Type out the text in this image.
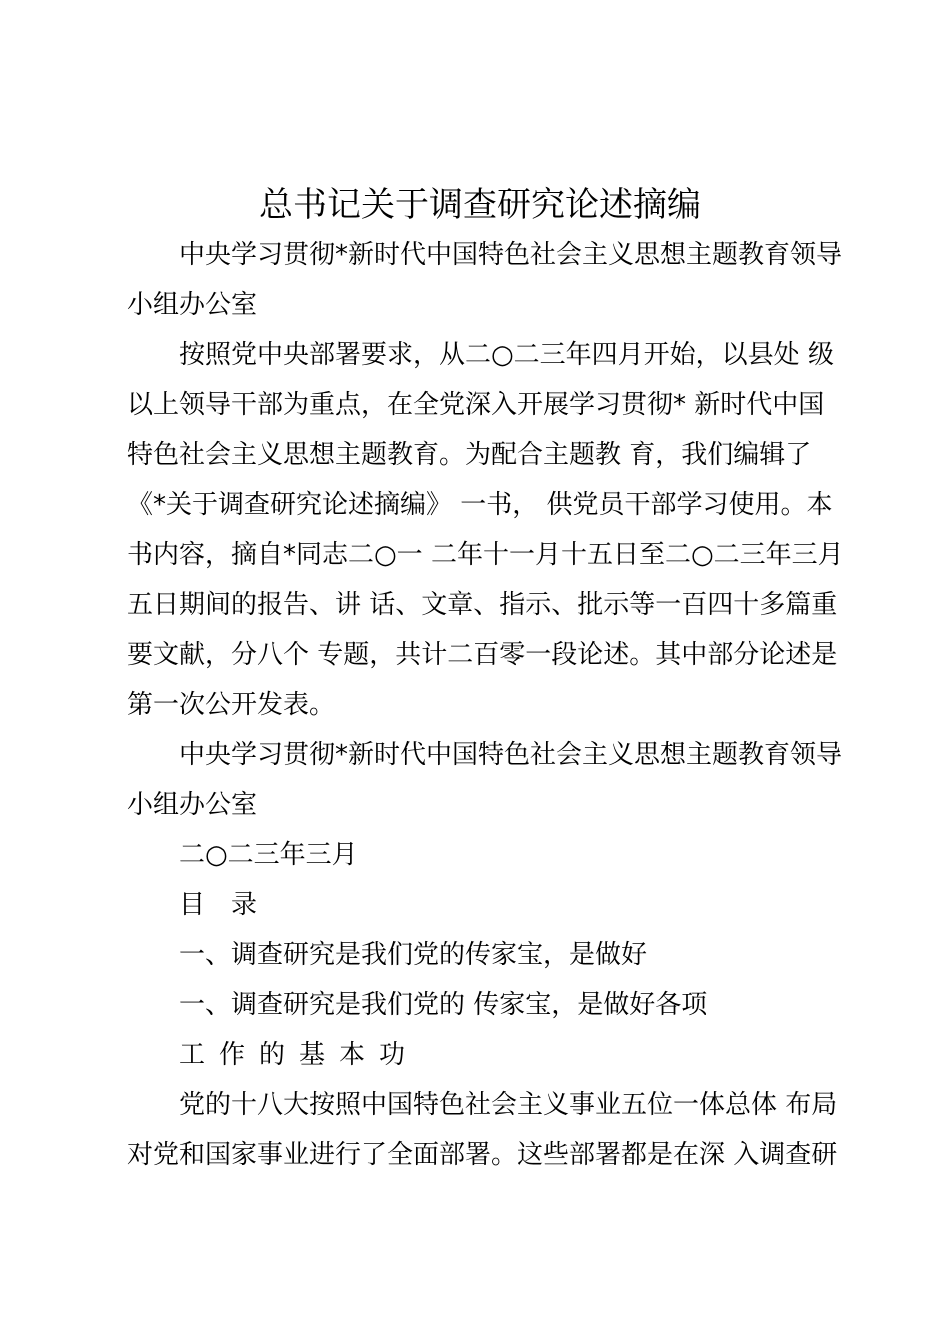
总书记关于调查研究论述摘编
中央学习贯彻*新时代中国特色社会主义思想主题教育领导
小组办公室
按照党中央部署要求，从二○二三年四月开始，以县处 级
以上领导干部为重点，在全党深入开展学习贯彻* 新时代中国
特色社会主义思想主题教育。为配合主题教 育，我们编辑了
《*关于调查研究论述摘编》 一书， 供党员干部学习使用。本
书内容，摘自*同志二○一 二年十一月十五日至二○二三年三月
五日期间的报告、讲 话、文章、指示、批示等一百四十多篇重
要文献，分八个 专题，共计二百零一段论述。其中部分论述是
第一次公开发表。
中央学习贯彻*新时代中国特色社会主义思想主题教育领导
小组办公室
二○二三年三月
目　录
一、调查研究是我们党的传家宝，是做好
一、调查研究是我们党的 传家宝，是做好各项
工作的基本功
党的十八大按照中国特色社会主义事业五位一体总体 布局
对党和国家事业进行了全面部署。这些部署都是在深 入调查研
